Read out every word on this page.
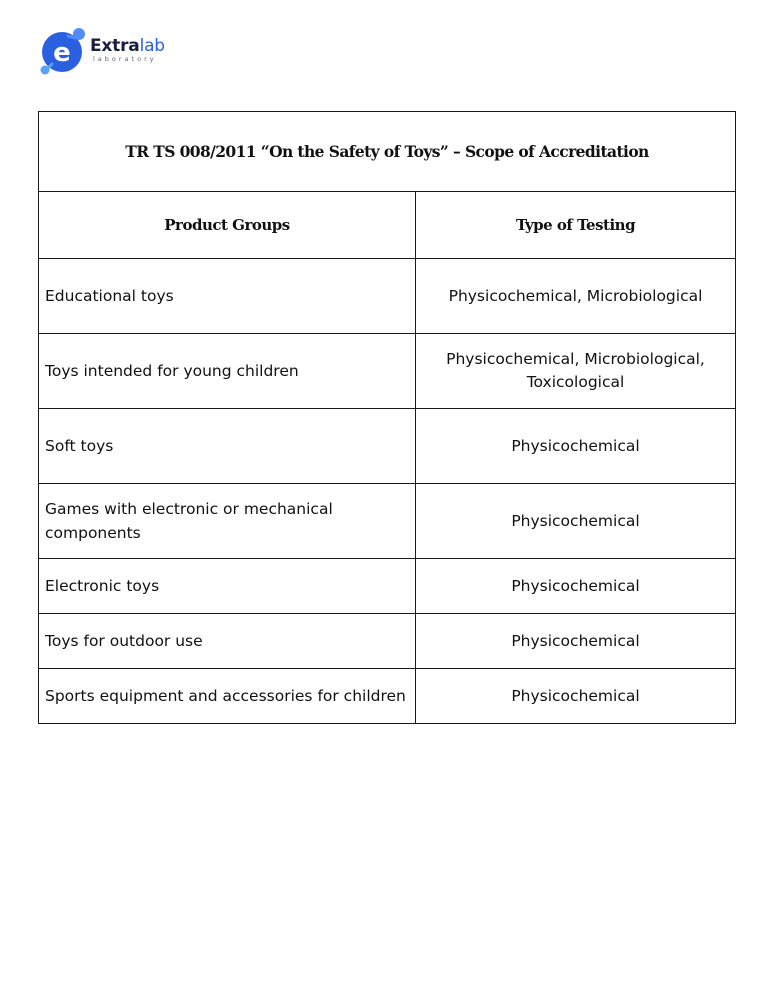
e Extralab
laboratory
TR TS 008/2011 “On the Safety of Toys” – Scope of Accreditation	
Product Groups	Type of Testing
Educational toys	Physicochemical, Microbiological
Toys intended for young children	Physicochemical, Microbiological, Toxicological
Soft toys	Physicochemical
Games with electronic or mechanical components	Physicochemical
Electronic toys	Physicochemical
Toys for outdoor use	Physicochemical
Sports equipment and accessories for children	Physicochemical
